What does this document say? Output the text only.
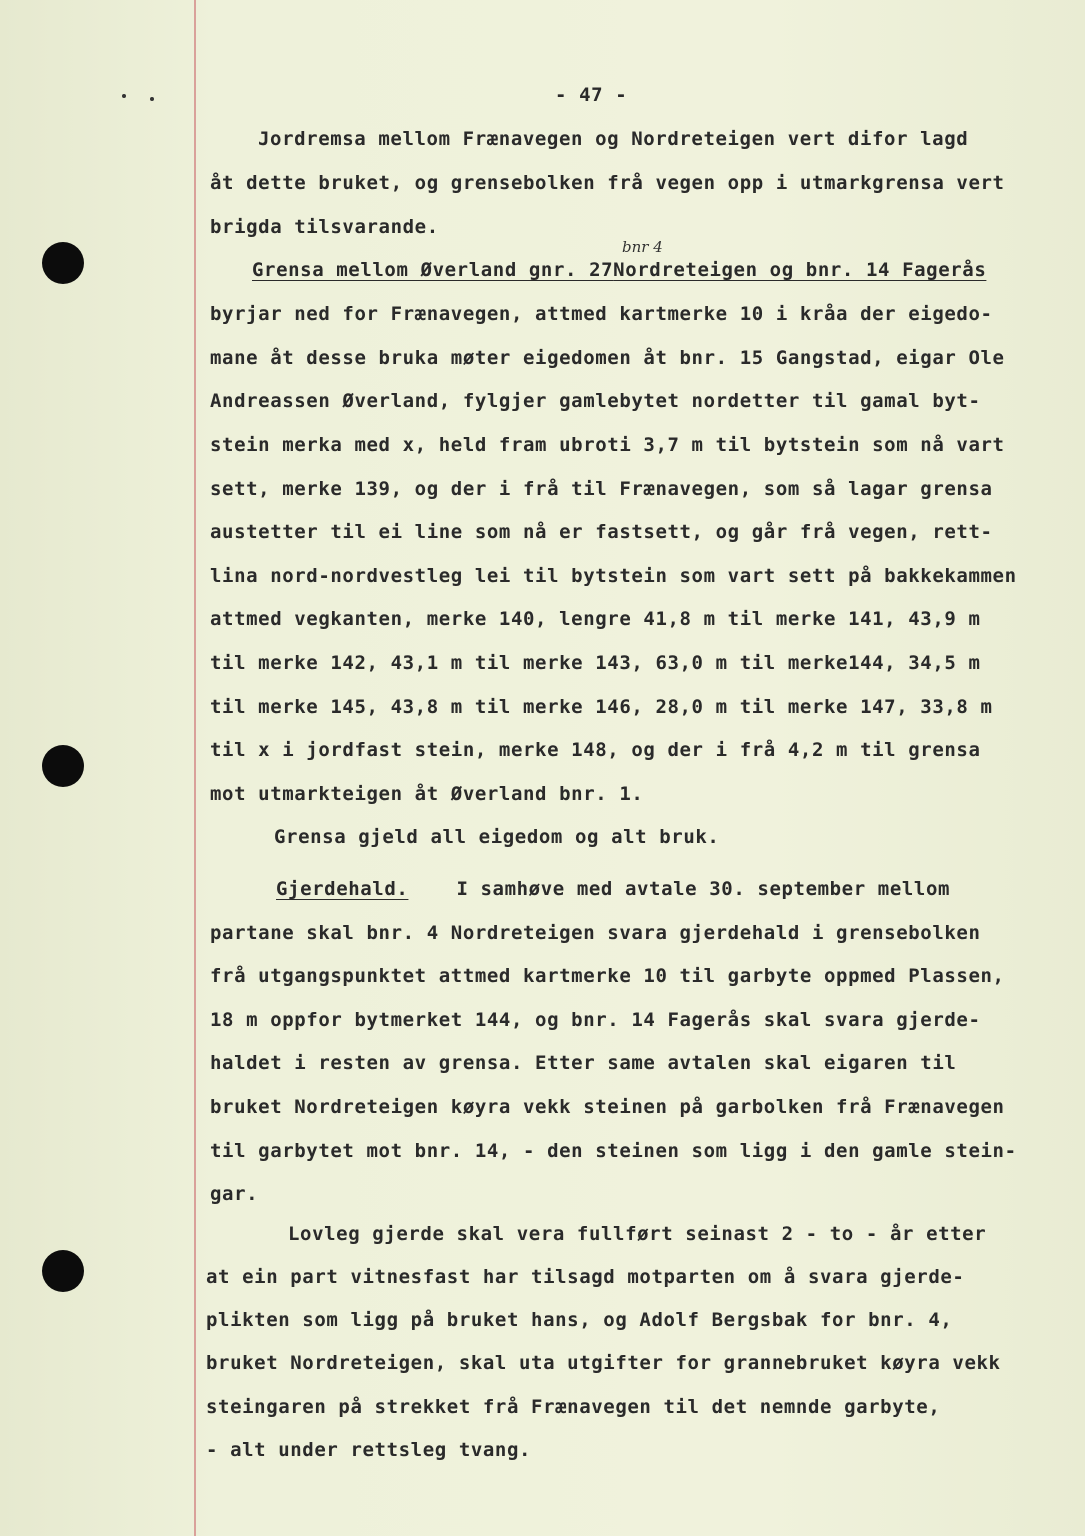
- 47 -
Jordremsa mellom Frænavegen og Nordreteigen vert difor lagd
åt dette bruket, og grensebolken frå vegen opp i utmarkgrensa vert
brigda tilsvarande.
bnr 4
Grensa mellom Øverland gnr. 27Nordreteigen og bnr. 14 Fagerås
byrjar ned for Frænavegen, attmed kartmerke 10 i kråa der eigedo-
mane åt desse bruka møter eigedomen åt bnr. 15 Gangstad, eigar Ole
Andreassen Øverland, fylgjer gamlebytet nordetter til gamal byt-
stein merka med x, held fram ubroti 3,7 m til bytstein som nå vart
sett, merke 139, og der i frå til Frænavegen, som så lagar grensa
austetter til ei line som nå er fastsett, og går frå vegen, rett-
lina nord-nordvestleg lei til bytstein som vart sett på bakkekammen
attmed vegkanten, merke 140, lengre 41,8 m til merke 141, 43,9 m
til merke 142, 43,1 m til merke 143, 63,0 m til merke144, 34,5 m
til merke 145, 43,8 m til merke 146, 28,0 m til merke 147, 33,8 m
til x i jordfast stein, merke 148, og der i frå 4,2 m til grensa
mot utmarkteigen åt Øverland bnr. 1.
Grensa gjeld all eigedom og alt bruk.
Gjerdehald.	I samhøve med avtale 30. september mellom
partane skal bnr. 4 Nordreteigen svara gjerdehald i grensebolken
frå utgangspunktet attmed kartmerke 10 til garbyte oppmed Plassen,
18 m oppfor bytmerket 144, og bnr. 14 Fagerås skal svara gjerde-
haldet i resten av grensa. Etter same avtalen skal eigaren til
bruket Nordreteigen køyra vekk steinen på garbolken frå Frænavegen
til garbytet mot bnr. 14, - den steinen som ligg i den gamle stein-
gar.
Lovleg gjerde skal vera fullført seinast 2 - to - år etter
at ein part vitnesfast har tilsagd motparten om å svara gjerde-
plikten som ligg på bruket hans, og Adolf Bergsbak for bnr. 4,
bruket Nordreteigen, skal uta utgifter for grannebruket køyra vekk
steingaren på strekket frå Frænavegen til det nemnde garbyte,
- alt under rettsleg tvang.
